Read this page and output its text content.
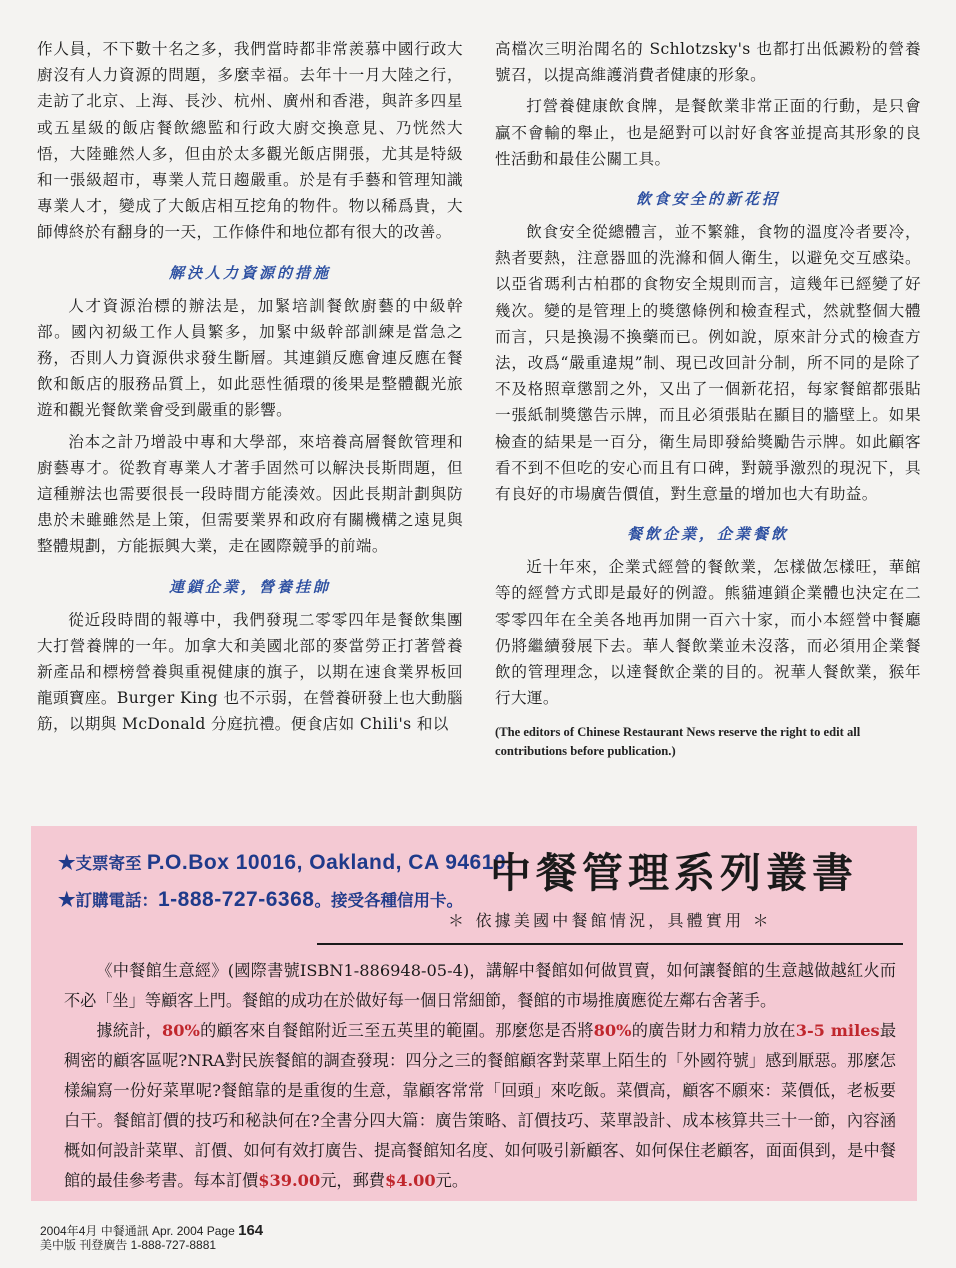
作人員，不下數十名之多，我們當時都非常羨慕中國行政大廚沒有人力資源的問題，多麼幸福。去年十一月大陸之行，走訪了北京、上海、長沙、杭州、廣州和香港，與許多四星或五星級的飯店餐飲總監和行政大廚交換意見、乃恍然大悟，大陸雖然人多，但由於太多觀光飯店開張，尤其是特級和一張級超市，專業人荒日趨嚴重。於是有手藝和管理知識專業人才，變成了大飯店相互挖角的物件。物以稀爲貴，大師傅終於有翻身的一天，工作條件和地位都有很大的改善。

解決人力資源的措施

人才資源治標的辦法是，加緊培訓餐飲廚藝的中級幹部。國內初級工作人員繁多，加緊中級幹部訓練是當急之務，否則人力資源供求發生斷層。其連鎖反應會連反應在餐飲和飯店的服務品質上，如此惡性循環的後果是整體觀光旅遊和觀光餐飲業會受到嚴重的影響。

治本之計乃增設中專和大學部，來培養高層餐飲管理和廚藝專才。從教育專業人才著手固然可以解決長斯問題，但這種辦法也需要很長一段時間方能湊效。因此長期計劃與防患於未雖雖然是上策，但需要業界和政府有關機構之遠見與整體規劃，方能振興大業，走在國際競爭的前端。

連鎖企業，營養挂帥

從近段時間的報導中，我們發現二零零四年是餐飲集團大打營養牌的一年。加拿大和美國北部的麥當勞正打著營養新產品和標榜營養與重視健康的旗子，以期在速食業界板回龍頭寶座。Burger King 也不示弱，在營養研發上也大動腦筋，以期與 McDonald 分庭抗禮。便食店如 Chili's 和以

高檔次三明治聞名的 Schlotzsky's 也都打出低澱粉的營養號召，以提高維護消費者健康的形象。

打營養健康飲食牌，是餐飲業非常正面的行動，是只會贏不會輸的舉止，也是絕對可以討好食客並提高其形象的良性活動和最佳公關工具。

飲食安全的新花招

飲食安全從總體言，並不繁雜，食物的溫度冷者要冷，熱者要熱，注意器皿的洗滌和個人衛生，以避免交互感染。以亞省瑪利古柏郡的食物安全規則而言，這幾年已經變了好幾次。變的是管理上的獎懲條例和檢查程式，然就整個大體而言，只是換湯不換藥而已。例如說，原來計分式的檢查方法，改爲“嚴重違規”制、現已改回計分制，所不同的是除了不及格照章懲罰之外，又出了一個新花招，每家餐館都張貼一張紙制獎懲告示牌，而且必須張貼在顯目的牆壁上。如果檢查的結果是一百分，衛生局即發給獎勵告示牌。如此顧客看不到不但吃的安心而且有口碑，對競爭激烈的現況下，具有良好的市場廣告價值，對生意量的增加也大有助益。

餐飲企業，企業餐飲

近十年來，企業式經營的餐飲業，怎樣做怎樣旺，華館等的經營方式即是最好的例證。熊貓連鎖企業體也決定在二零零四年在全美各地再加開一百六十家，而小本經營中餐廳仍將繼續發展下去。華人餐飲業並未沒落，而必須用企業餐飲的管理理念，以達餐飲企業的目的。祝華人餐飲業，猴年行大運。

(The editors of Chinese Restaurant News reserve the right to edit all contributions before publication.)

★支票寄至 P.O.Box 10016, Oakland, CA 94610.
★訂購電話：1-888-727-6368。接受各種信用卡。
中餐管理系列叢書
＊ 依據美國中餐館情況，具體實用 ＊

《中餐館生意經》(國際書號ISBN1-886948-05-4)，講解中餐館如何做買賣，如何讓餐館的生意越做越紅火而不必「坐」等顧客上門。餐館的成功在於做好每一個日常細節，餐館的市場推廣應從左鄰右舍著手。

據統計，80%的顧客來自餐館附近三至五英里的範圍。那麼您是否將80%的廣告財力和精力放在3-5 miles最稠密的顧客區呢?NRA對民族餐館的調查發現：四分之三的餐館顧客對菜單上陌生的「外國符號」感到厭惡。那麼怎樣編寫一份好菜單呢?餐館靠的是重復的生意，靠顧客常常「回頭」來吃飯。菜價高，顧客不願來：菜價低，老板要白干。餐館訂價的技巧和秘訣何在?全書分四大篇：廣告策略、訂價技巧、菜單設計、成本核算共三十一節，內容涵概如何設計菜單、訂價、如何有效打廣告、提高餐館知名度、如何吸引新顧客、如何保住老顧客，面面俱到，是中餐館的最佳參考書。每本訂價$39.00元，郵費$4.00元。

2004年4月 中餐通訊 Apr. 2004 Page 164
美中版 刊登廣告 1-888-727-8881
